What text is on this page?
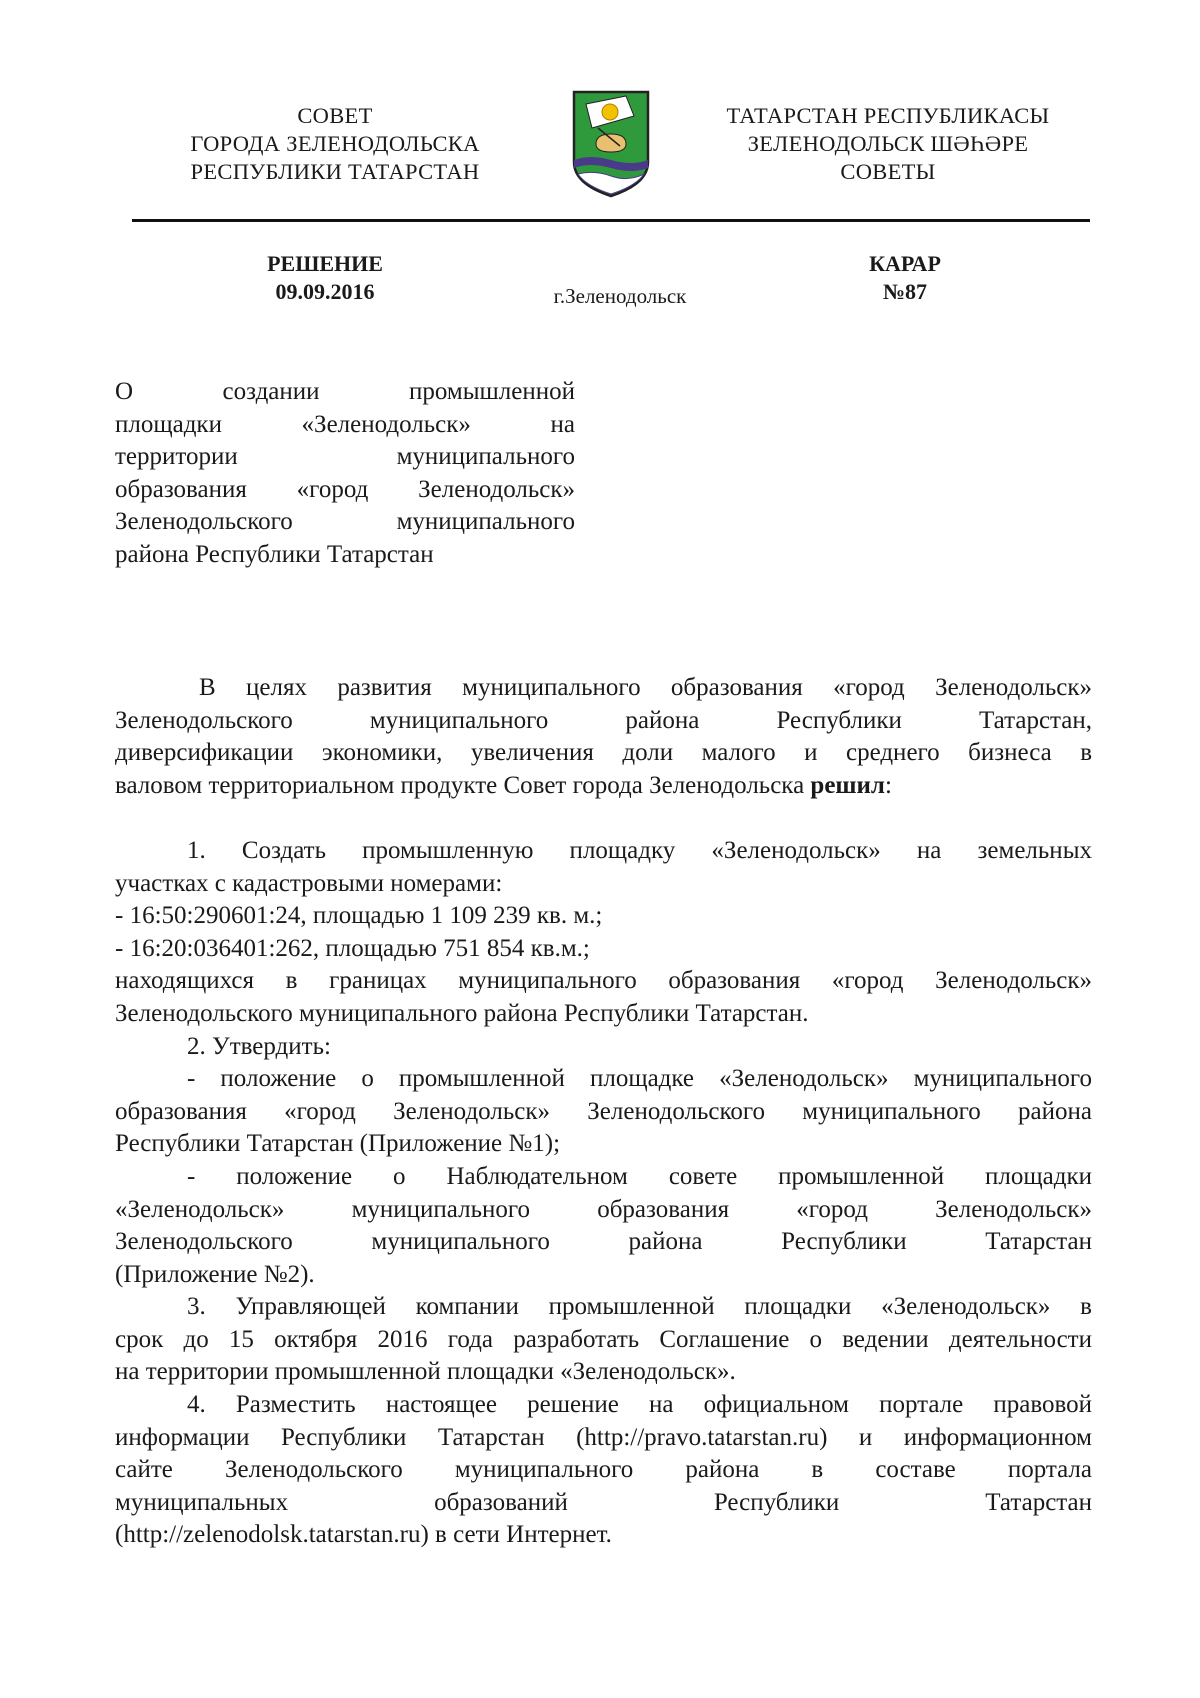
СОВЕТ
ГОРОДА ЗЕЛЕНОДОЛЬСКА
РЕСПУБЛИКИ ТАТАРСТАН
ТАТАРСТАН РЕСПУБЛИКАСЫ
ЗЕЛЕНОДОЛЬСК ШӘҺӘРЕ
СОВЕТЫ
РЕШЕНИЕ
09.09.2016	г.Зеленодольск
КАРАР
№87
О создании промышленной
площадки «Зеленодольск» на
территории муниципального
образования «город Зеленодольск»
Зеленодольского муниципального
района Республики Татарстан
В целях развития муниципального образования «город Зеленодольск»
Зеленодольского муниципального района Республики Татарстан,
диверсификации экономики, увеличения доли малого и среднего бизнеса в
валовом территориальном продукте Совет города Зеленодольска решил:
1. Создать промышленную площадку «Зеленодольск» на земельных
участках с кадастровыми номерами:
- 16:50:290601:24, площадью 1 109 239 кв. м.;
- 16:20:036401:262, площадью 751 854 кв.м.;
находящихся в границах муниципального образования «город Зеленодольск»
Зеленодольского муниципального района Республики Татарстан.
2. Утвердить:
- положение о промышленной площадке «Зеленодольск» муниципального
образования «город Зеленодольск» Зеленодольского муниципального района
Республики Татарстан (Приложение №1);
- положение о Наблюдательном совете промышленной площадки
«Зеленодольск» муниципального образования «город Зеленодольск»
Зеленодольского муниципального района Республики Татарстан
(Приложение №2).
3. Управляющей компании промышленной площадки «Зеленодольск» в
срок до 15 октября 2016 года разработать Соглашение о ведении деятельности
на территории промышленной площадки «Зеленодольск».
4. Разместить настоящее решение на официальном портале правовой
информации Республики Татарстан (http://pravo.tatarstan.ru) и информационном
сайте Зеленодольского муниципального района в составе портала
муниципальных образований Республики Татарстан
(http://zelenodolsk.tatarstan.ru) в сети Интернет.
